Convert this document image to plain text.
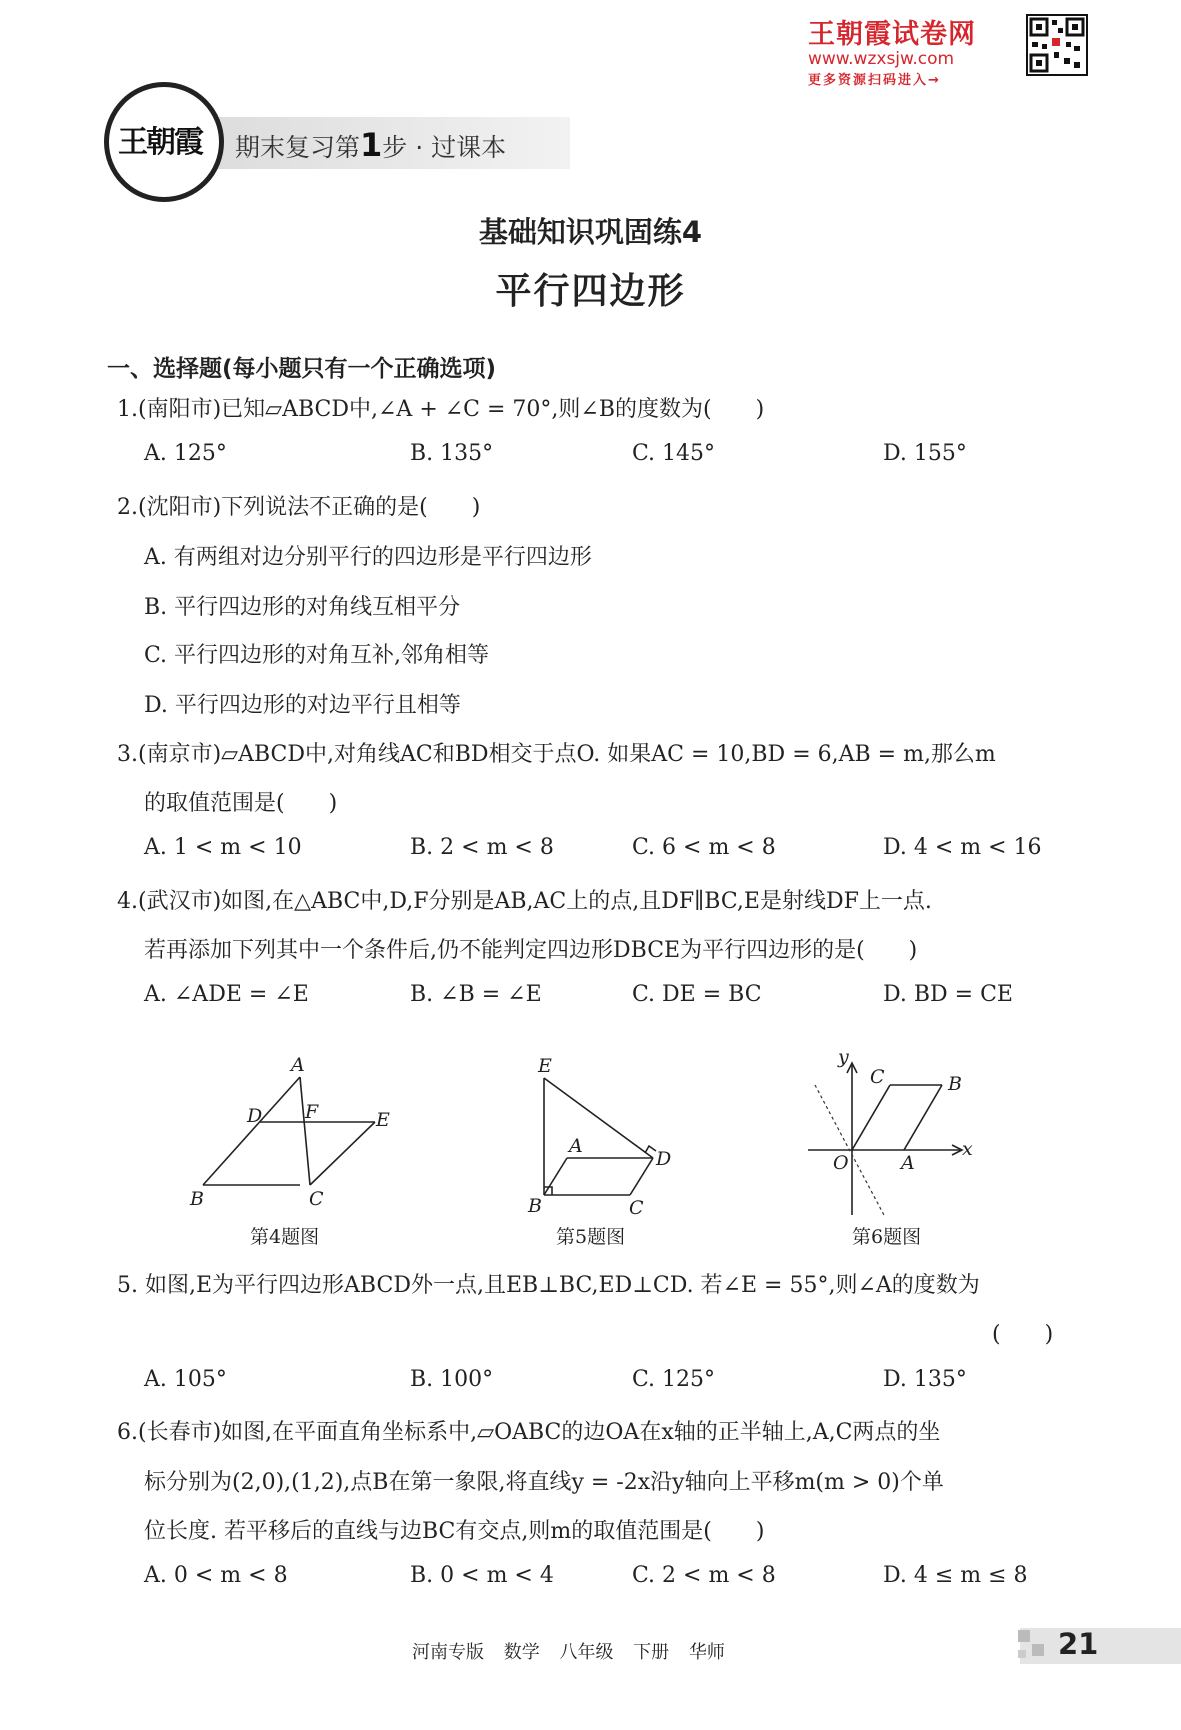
王朝霞试卷网
www.wzxsjw.com
更多资源扫码进入→
期末复习第1步 · 过课本
王朝霞
基础知识巩固练4
平行四边形
一、选择题(每小题只有一个正确选项)
1.(南阳市)已知▱ABCD中,∠A + ∠C = 70°,则∠B的度数为(　　)
A. 125°	B. 135°	C. 145°	D. 155°
2.(沈阳市)下列说法不正确的是(　　)
A. 有两组对边分别平行的四边形是平行四边形
B. 平行四边形的对角线互相平分
C. 平行四边形的对角互补,邻角相等
D. 平行四边形的对边平行且相等
3.(南京市)▱ABCD中,对角线AC和BD相交于点O. 如果AC = 10,BD = 6,AB = m,那么m
的取值范围是(　　)
A. 1 < m < 10	B. 2 < m < 8	C. 6 < m < 8	D. 4 < m < 16
4.(武汉市)如图,在△ABC中,D,F分别是AB,AC上的点,且DF∥BC,E是射线DF上一点.
若再添加下列其中一个条件后,仍不能判定四边形DBCE为平行四边形的是(　　)
A. ∠ADE = ∠E	B. ∠B = ∠E	C. DE = BC	D. BD = CE
A
D F	E
B	C
第4题图
E
A
D
B	C
第5题图
y
C	B
O	A
x
第6题图
5. 如图,E为平行四边形ABCD外一点,且EB⊥BC,ED⊥CD. 若∠E = 55°,则∠A的度数为
(　　)
A. 105°	B. 100°	C. 125°	D. 135°
6.(长春市)如图,在平面直角坐标系中,▱OABC的边OA在x轴的正半轴上,A,C两点的坐
标分别为(2,0),(1,2),点B在第一象限,将直线y = -2x沿y轴向上平移m(m > 0)个单
位长度. 若平移后的直线与边BC有交点,则m的取值范围是(　　)
A. 0 < m < 8	B. 0 < m < 4	C. 2 < m < 8	D. 4 ≤ m ≤ 8
河南专版 数学 八年级 下册 华师	21
